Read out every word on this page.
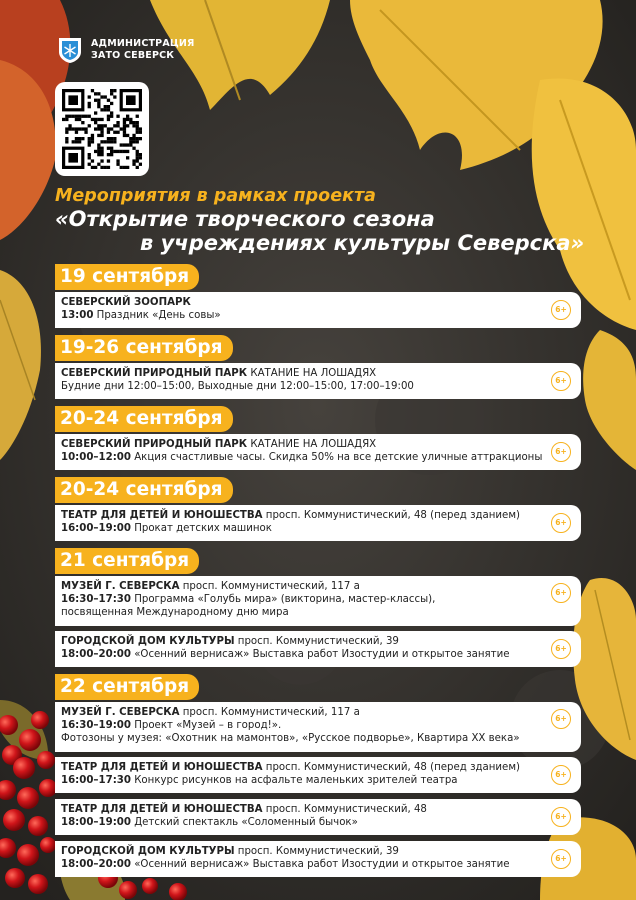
АДМИНИСТРАЦИЯ
ЗАТО СЕВЕРСК
Мероприятия в рамках проекта
«Открытие творческого сезона
в учреждениях культуры Северска»
19 сентября
19-26 сентября
20-24 сентября
20-24 сентября
21 сентября
22 сентября
СЕВЕРСКИЙ ЗООПАРК
13:00 Праздник «День совы»
6+
СЕВЕРСКИЙ ПРИРОДНЫЙ ПАРК КАТАНИЕ НА ЛОШАДЯХ
Будние дни 12:00–15:00, Выходные дни 12:00–15:00, 17:00–19:00
6+
СЕВЕРСКИЙ ПРИРОДНЫЙ ПАРК КАТАНИЕ НА ЛОШАДЯХ
10:00–12:00 Акция счастливые часы. Скидка 50% на все детские уличные аттракционы
6+
ТЕАТР ДЛЯ ДЕТЕЙ И ЮНОШЕСТВА просп. Коммунистический, 48 (перед зданием)
16:00–19:00 Прокат детских машинок
6+
МУЗЕЙ Г. СЕВЕРСКА просп. Коммунистический, 117 а
16:30–17:30 Программа «Голубь мира» (викторина, мастер-классы),
посвященная Международному дню мира
6+
ГОРОДСКОЙ ДОМ КУЛЬТУРЫ просп. Коммунистический, 39
18:00–20:00 «Осенний вернисаж» Выставка работ Изостудии и открытое занятие
6+
МУЗЕЙ Г. СЕВЕРСКА просп. Коммунистический, 117 а
16:30–19:00 Проект «Музей – в город!».
Фотозоны у музея: «Охотник на мамонтов», «Русское подворье», Квартира XX века»
6+
ТЕАТР ДЛЯ ДЕТЕЙ И ЮНОШЕСТВА просп. Коммунистический, 48 (перед зданием)
16:00–17:30 Конкурс рисунков на асфальте маленьких зрителей театра
6+
ТЕАТР ДЛЯ ДЕТЕЙ И ЮНОШЕСТВА просп. Коммунистический, 48
18:00–19:00 Детский спектакль «Соломенный бычок»
6+
ГОРОДСКОЙ ДОМ КУЛЬТУРЫ просп. Коммунистический, 39
18:00–20:00 «Осенний вернисаж» Выставка работ Изостудии и открытое занятие
6+
